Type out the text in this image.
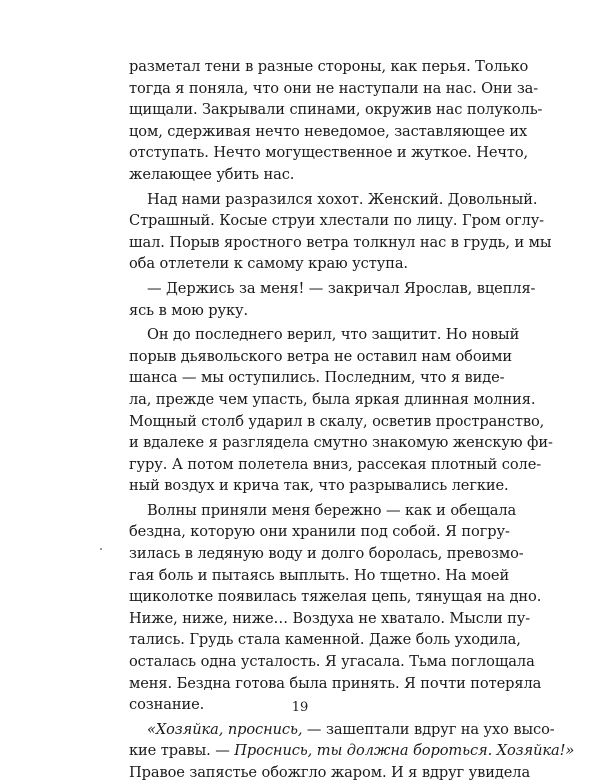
разметал тени в разные стороны, как перья. Только
тогда я поняла, что они не наступали на нас. Они за-
щищали. Закрывали спинами, окружив нас полуколь-
цом, сдерживая нечто неведомое, заставляющее их
отступать. Нечто могущественное и жуткое. Нечто,
желающее убить нас.
Над нами разразился хохот. Женский. Довольный.
Страшный. Косые струи хлестали по лицу. Гром оглу-
шал. Порыв яростного ветра толкнул нас в грудь, и мы
оба отлетели к самому краю уступа.
— Держись за меня! — закричал Ярослав, вцепля-
ясь в мою руку.
Он до последнего верил, что защитит. Но новый
порыв дьявольского ветра не оставил нам обоими
шанса — мы оступились. Последним, что я виде-
ла, прежде чем упасть, была яркая длинная молния.
Мощный столб ударил в скалу, осветив пространство,
и вдалеке я разглядела смутно знакомую женскую фи-
гуру. А потом полетела вниз, рассекая плотный соле-
ный воздух и крича так, что разрывались легкие.
Волны приняли меня бережно — как и обещала
бездна, которую они хранили под собой. Я погру-
зилась в ледяную воду и долго боролась, превозмо-
гая боль и пытаясь выплыть. Но тщетно. На моей
щиколотке появилась тяжелая цепь, тянущая на дно.
Ниже, ниже, ниже… Воздуха не хватало. Мысли пу-
тались. Грудь стала каменной. Даже боль уходила,
осталась одна усталость. Я угасала. Тьма поглощала
меня. Бездна готова была принять. Я почти потеряла
сознание.
«Хозяйка, проснись, — зашептали вдруг на ухо высо-
кие травы. — Проснись, ты должна бороться. Хозяйка!»
Правое запястье обожгло жаром. И я вдруг увидела
19
